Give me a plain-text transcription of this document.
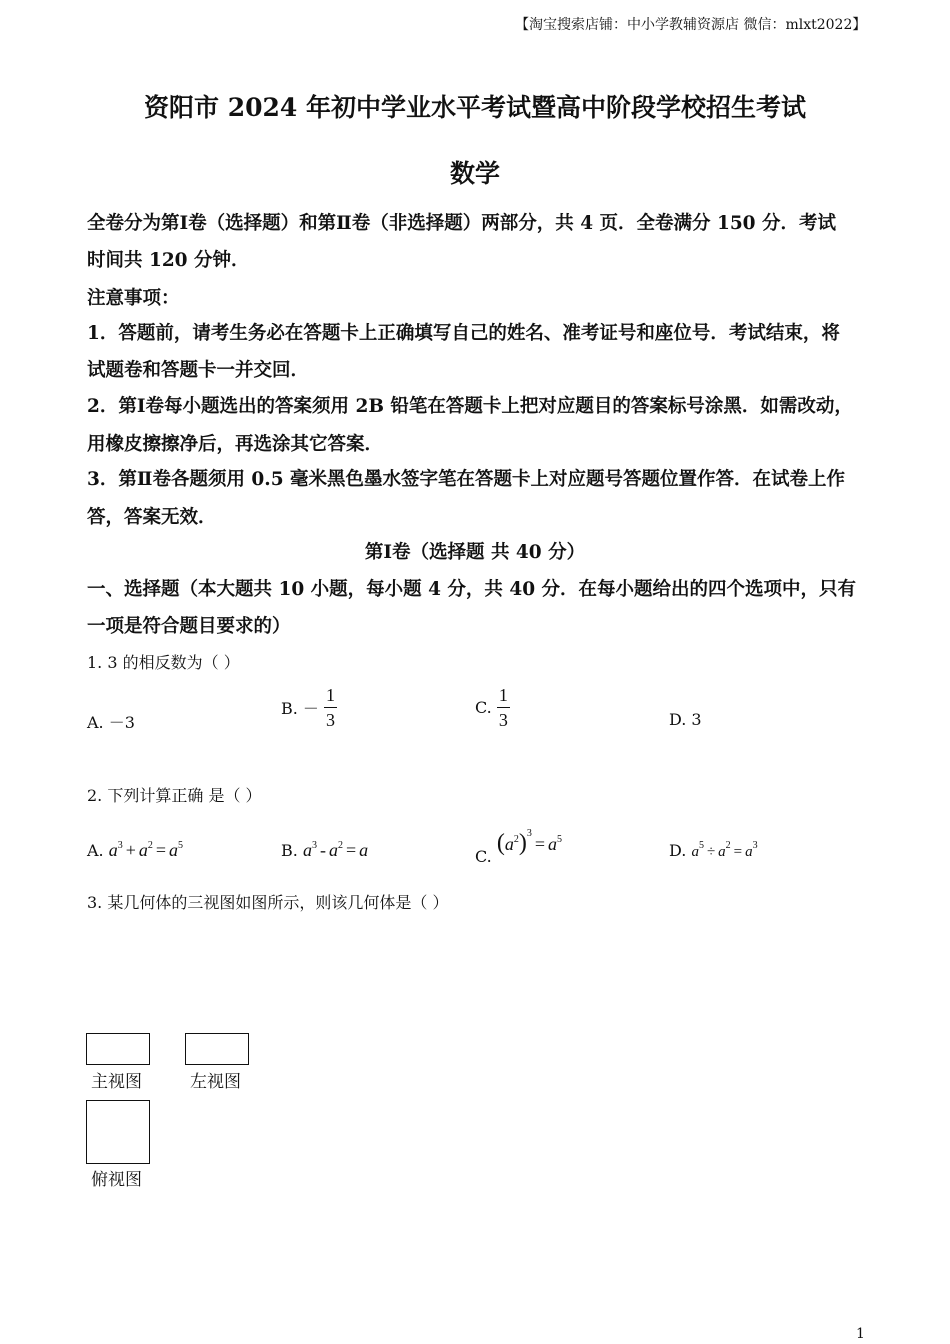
【淘宝搜索店铺：中小学教辅资源店 微信：mlxt2022】
资阳市 2024 年初中学业水平考试暨高中阶段学校招生考试
数学
全卷分为第Ⅰ卷（选择题）和第Ⅱ卷（非选择题）两部分，共 4 页．全卷满分 150 分．考试
时间共 120 分钟．
注意事项：
1．答题前，请考生务必在答题卡上正确填写自己的姓名、准考证号和座位号．考试结束，将
试题卷和答题卡一并交回．
2．第Ⅰ卷每小题选出的答案须用 2B 铅笔在答题卡上把对应题目的答案标号涂黑．如需改动，
用橡皮擦擦净后，再选涂其它答案．
3．第Ⅱ卷各题须用 0.5 毫米黑色墨水签字笔在答题卡上对应题号答题位置作答．在试卷上作
答，答案无效．
第Ⅰ卷（选择题 共 40 分）
一、选择题（本大题共 10 小题，每小题 4 分，共 40 分．在每小题给出的四个选项中，只有
一项是符合题目要求的）
1. 3 的相反数为（ ）
A. －3
B. － $\frac{1}{3}$	C. $\frac{1}{3}$	D. 3
2. 下列计算正确 是（ ）
A. $a^3 + a^2 = a^5$	B. $a^3 - a^2 = a$	C. $(a^2)^3= a^5$
D. $a^5 \div a^2 = a^3$
3. 某几何体的三视图如图所示，则该几何体是（ ）
主视图	左视图
俯视图
1
